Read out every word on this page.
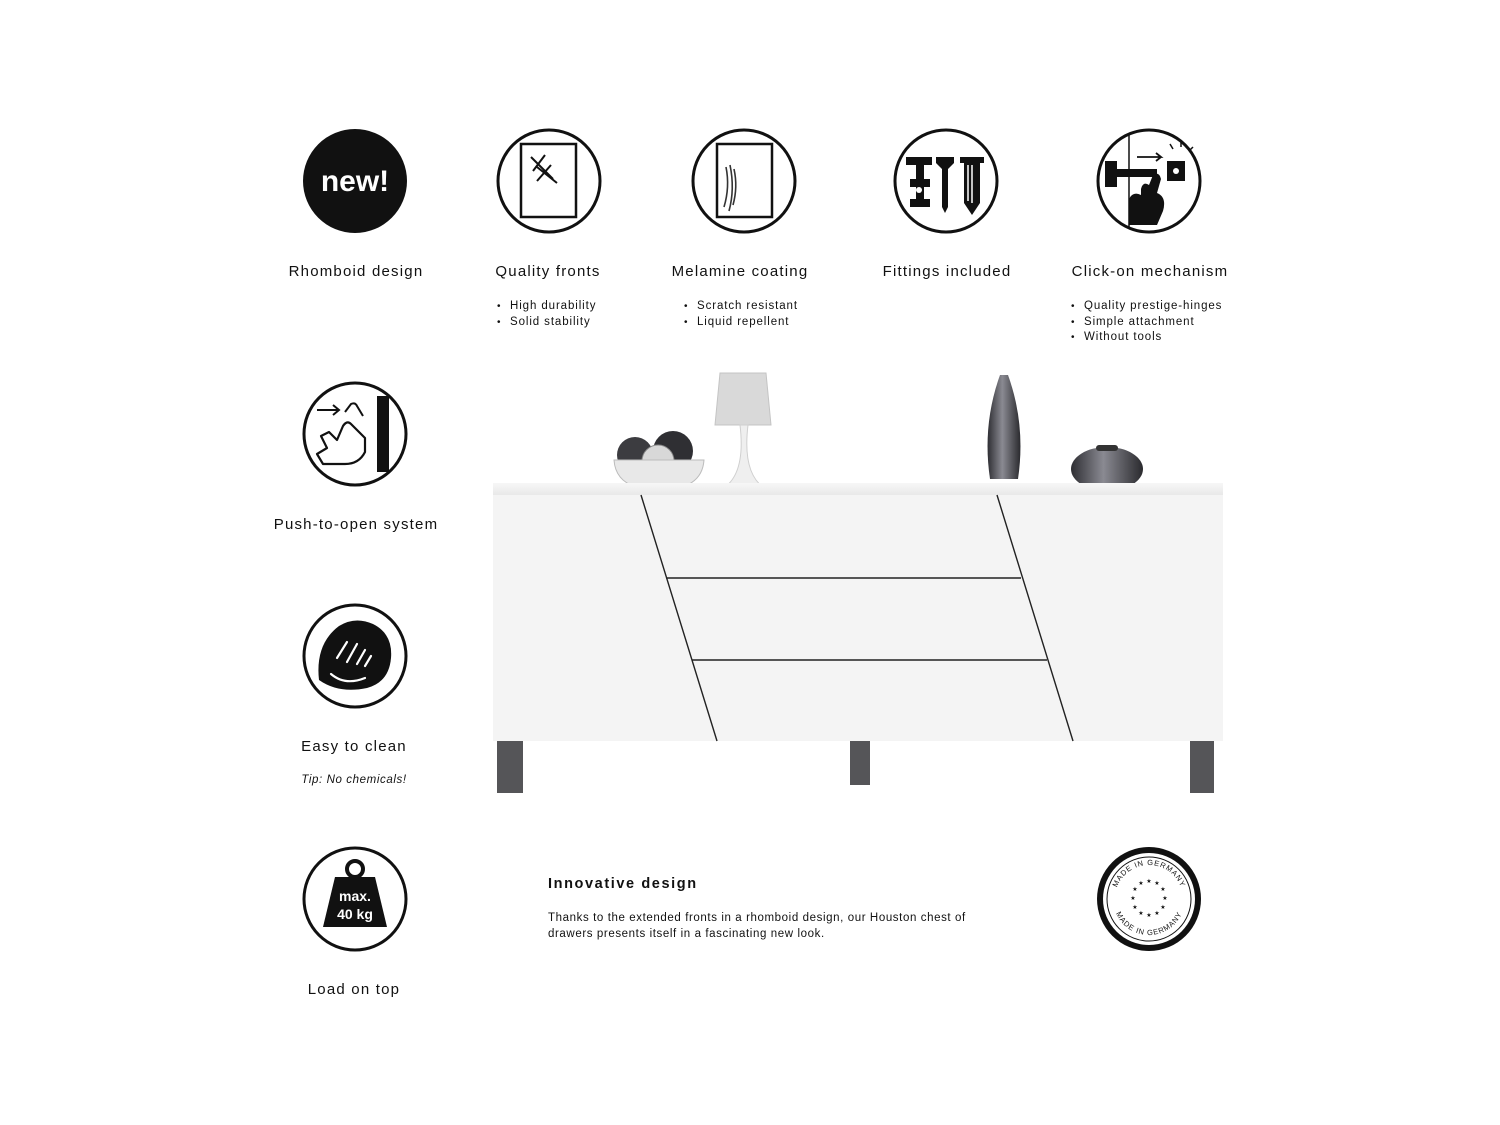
new!
Rhomboid design	Quality fronts	Melamine coating	Fittings included	Click-on mechanism
• High durability
• Solid stability
• Scratch resistant
• Liquid repellent
• Quality prestige-hinges
• Simple attachment
• Without tools
max.
40 kg
Push-to-open system
Easy to clean
Tip: No chemicals!
Load on top
Innovative design
Thanks to the extended fronts in a rhomboid design, our Houston chest of drawers presents itself in a fascinating new look.
MADE IN GERMANY
MADE IN GERMANY
★ ★
★
★
★
★
★
★
★
★
★
★
